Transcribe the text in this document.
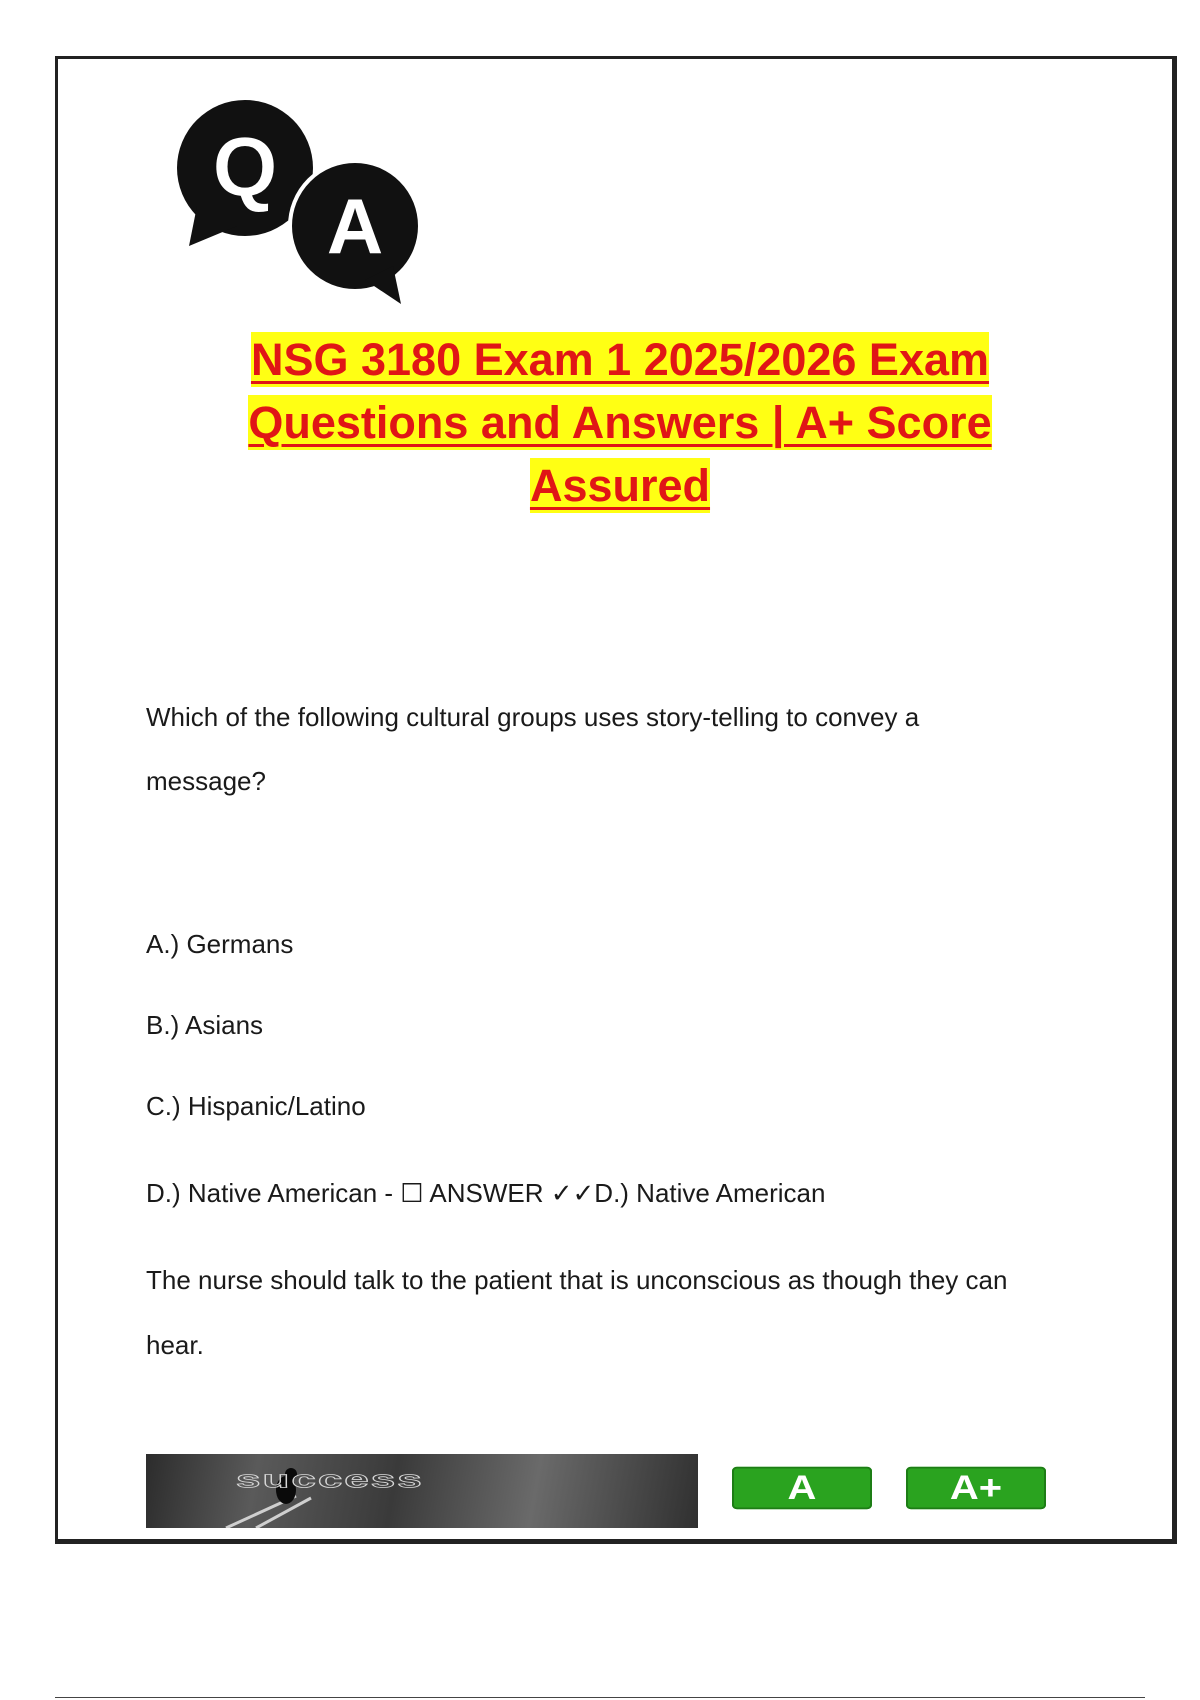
Q
A
NSG 3180 Exam 1 2025/2026 Exam
Questions and Answers | A+ Score
Assured
Which of the following cultural groups uses story-telling to convey a
message?
A.) Germans
B.) Asians
C.) Hispanic/Latino
D.) Native American - ☐ ANSWER ✓✓D.) Native American
The nurse should talk to the patient that is unconscious as though they can
hear.
success	A	A+
